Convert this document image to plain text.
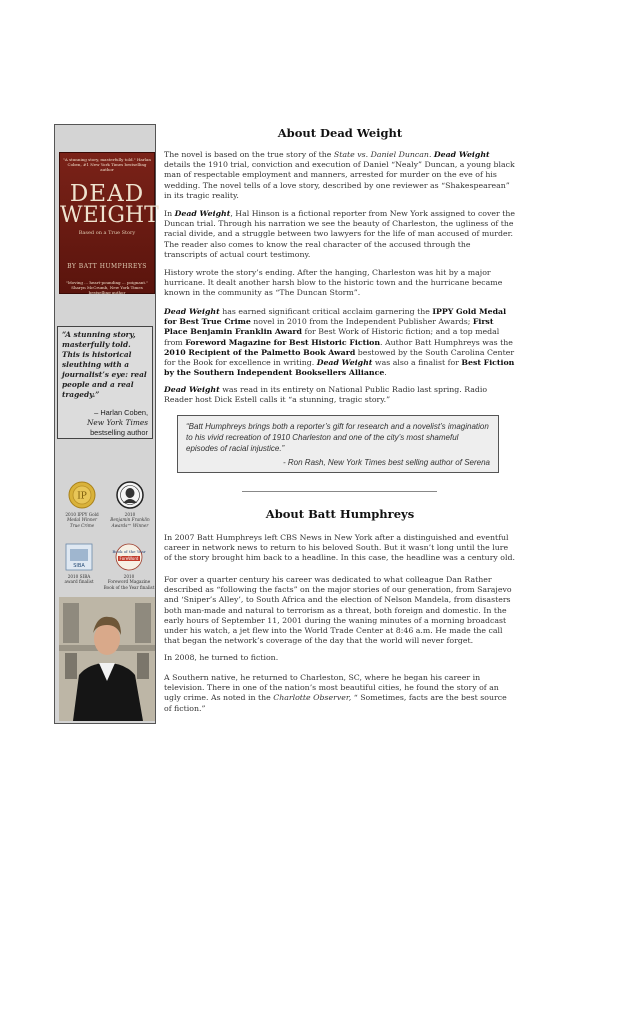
"A stunning story, masterfully told." Harlan Coben, #1 New York Times bestselling author
DEAD
WEIGHT
Based on a True Story
BY BATT HUMPHREYS
"Moving ... heart-pounding ... poignant." Sharyn McCrumb, New York Times bestselling author
“A stunning story, masterfully told. This is historical sleuthing with a journalist’s eye: real people and a real tragedy.”
– Harlan Coben,
New York Times
bestselling author
IP
2010 IPPY Gold
Medal Winner
True Crime
2010
Benjamin Franklin
Awards™ Winner
SIBA
2010 SIBA
award finalist
Book of the Year
ForeWord
2010
Foreword Magazine
Book of the Year finalist
About Dead Weight

The novel is based on the true story of the State vs. Daniel Duncan. Dead Weight details the 1910 trial, conviction and execution of Daniel “Nealy” Duncan, a young black man of respectable employment and manners, arrested for murder on the eve of his wedding. The novel tells of a love story, described by one reviewer as “Shakespearean” in its tragic reality.

In Dead Weight, Hal Hinson is a fictional reporter from New York assigned to cover the Duncan trial. Through his narration we see the beauty of Charleston, the ugliness of the racial divide, and a struggle between two lawyers for the life of man accused of murder. The reader also comes to know the real character of the accused through the transcripts of actual court testimony.

History wrote the story’s ending. After the hanging, Charleston was hit by a major hurricane. It dealt another harsh blow to the historic town and the hurricane became known in the community as “The Duncan Storm”.

Dead Weight has earned significant critical acclaim garnering the IPPY Gold Medal for Best True Crime novel in 2010 from the Independent Publisher Awards; First Place Benjamin Franklin Award for Best Work of Historic fiction; and a top medal from Foreword Magazine for Best Historic Fiction. Author Batt Humphreys was the 2010 Recipient of the Palmetto Book Award bestowed by the South Carolina Center for the Book for excellence in writing. Dead Weight was also a finalist for Best Fiction by the Southern Independent Booksellers Alliance.

Dead Weight was read in its entirety on National Public Radio last spring. Radio Reader host Dick Estell calls it “a stunning, tragic story.”

“Batt Humphreys brings both a reporter’s gift for research and a novelist’s imagination to his vivid recreation of 1910 Charleston and one of the city’s most shameful episodes of racial injustice.”
- Ron Rash, New York Times best selling author of Serena
About Batt Humphreys

In 2007 Batt Humphreys left CBS News in New York after a distinguished and eventful career in network news to return to his beloved South. But it wasn’t long until the lure of the story brought him back to a headline. In this case, the headline was a century old.

For over a quarter century his career was dedicated to what colleague Dan Rather described as “following the facts” on the major stories of our generation, from Sarajevo and ‘Sniper’s Alley’, to South Africa and the election of Nelson Mandela, from disasters both man-made and natural to terrorism as a threat, both foreign and domestic. In the early hours of September 11, 2001 during the waning minutes of a morning broadcast under his watch, a jet flew into the World Trade Center at 8:46 a.m. He made the call that began the network’s coverage of the day that the world will never forget.

In 2008, he turned to fiction.

A Southern native, he returned to Charleston, SC, where he began his career in television. There in one of the nation’s most beautiful cities, he found the story of an ugly crime. As noted in the Charlotte Observer, “ Sometimes, facts are the best source of fiction.”
